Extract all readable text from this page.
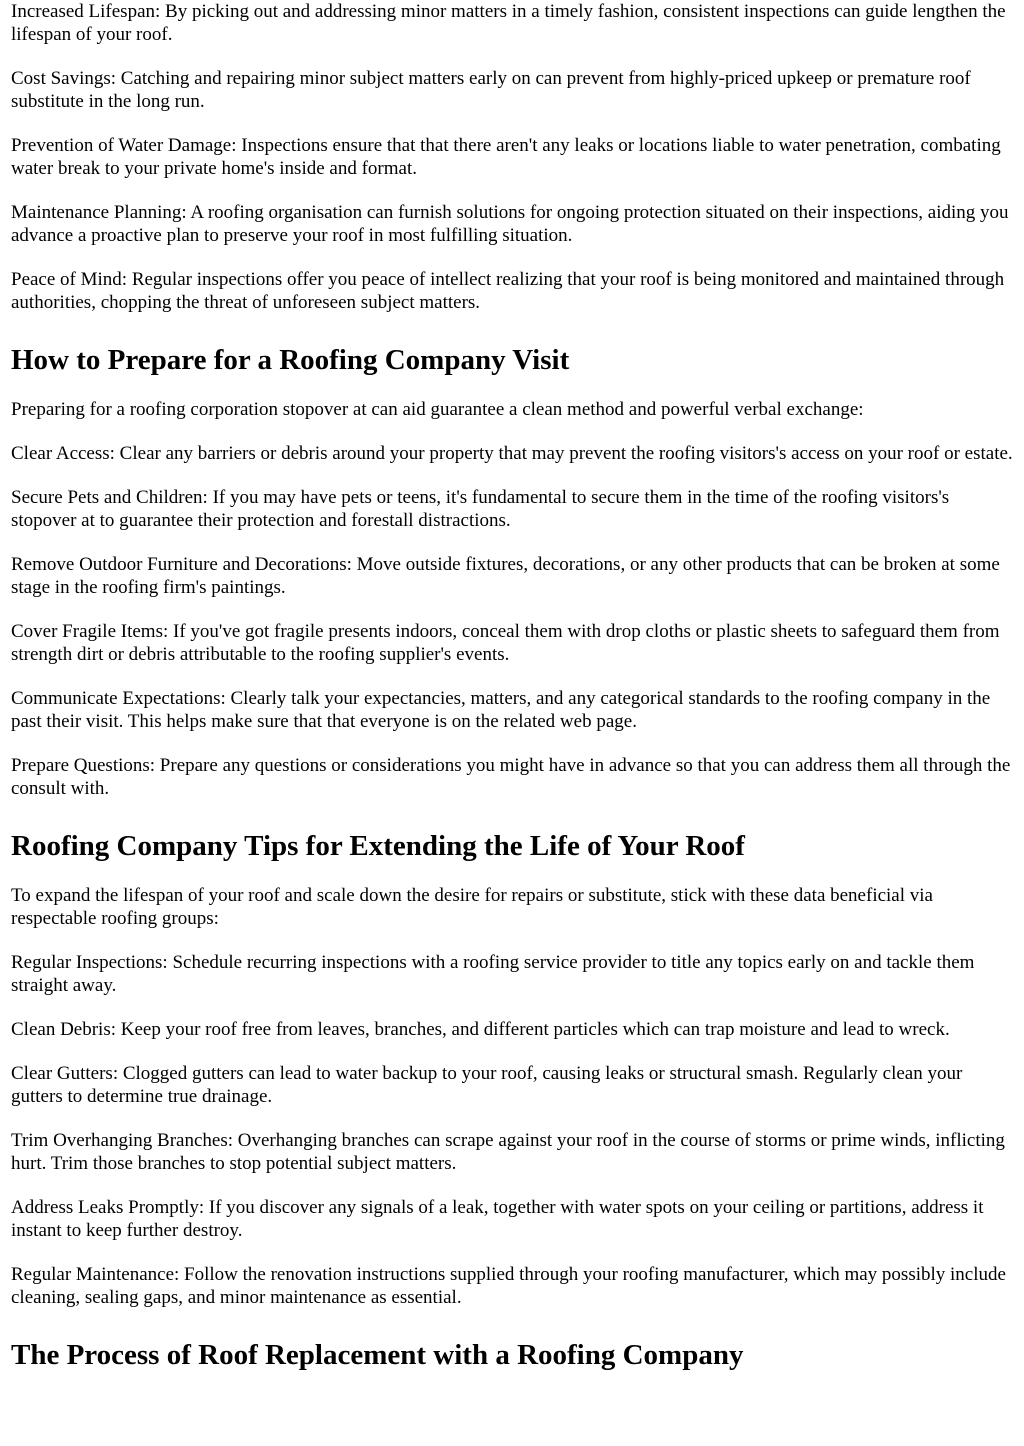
Increased Lifespan: By picking out and addressing minor matters in a timely fashion, consistent inspections can guide lengthen the lifespan of your roof.

Cost Savings: Catching and repairing minor subject matters early on can prevent from highly-priced upkeep or premature roof substitute in the long run.

Prevention of Water Damage: Inspections ensure that that there aren't any leaks or locations liable to water penetration, combating water break to your private home's inside and format.

Maintenance Planning: A roofing organisation can furnish solutions for ongoing protection situated on their inspections, aiding you advance a proactive plan to preserve your roof in most fulfilling situation.

Peace of Mind: Regular inspections offer you peace of intellect realizing that your roof is being monitored and maintained through authorities, chopping the threat of unforeseen subject matters.

How to Prepare for a Roofing Company Visit

Preparing for a roofing corporation stopover at can aid guarantee a clean method and powerful verbal exchange:

Clear Access: Clear any barriers or debris around your property that may prevent the roofing visitors's access on your roof or estate.

Secure Pets and Children: If you may have pets or teens, it's fundamental to secure them in the time of the roofing visitors's stopover at to guarantee their protection and forestall distractions.

Remove Outdoor Furniture and Decorations: Move outside fixtures, decorations, or any other products that can be broken at some stage in the roofing firm's paintings.

Cover Fragile Items: If you've got fragile presents indoors, conceal them with drop cloths or plastic sheets to safeguard them from strength dirt or debris attributable to the roofing supplier's events.

Communicate Expectations: Clearly talk your expectancies, matters, and any categorical standards to the roofing company in the past their visit. This helps make sure that that everyone is on the related web page.

Prepare Questions: Prepare any questions or considerations you might have in advance so that you can address them all through the consult with.

Roofing Company Tips for Extending the Life of Your Roof

To expand the lifespan of your roof and scale down the desire for repairs or substitute, stick with these data beneficial via respectable roofing groups:

Regular Inspections: Schedule recurring inspections with a roofing service provider to title any topics early on and tackle them straight away.

Clean Debris: Keep your roof free from leaves, branches, and different particles which can trap moisture and lead to wreck.

Clear Gutters: Clogged gutters can lead to water backup to your roof, causing leaks or structural smash. Regularly clean your gutters to determine true drainage.

Trim Overhanging Branches: Overhanging branches can scrape against your roof in the course of storms or prime winds, inflicting hurt. Trim those branches to stop potential subject matters.

Address Leaks Promptly: If you discover any signals of a leak, together with water spots on your ceiling or partitions, address it instant to keep further destroy.

Regular Maintenance: Follow the renovation instructions supplied through your roofing manufacturer, which may possibly include cleaning, sealing gaps, and minor maintenance as essential.

The Process of Roof Replacement with a Roofing Company
